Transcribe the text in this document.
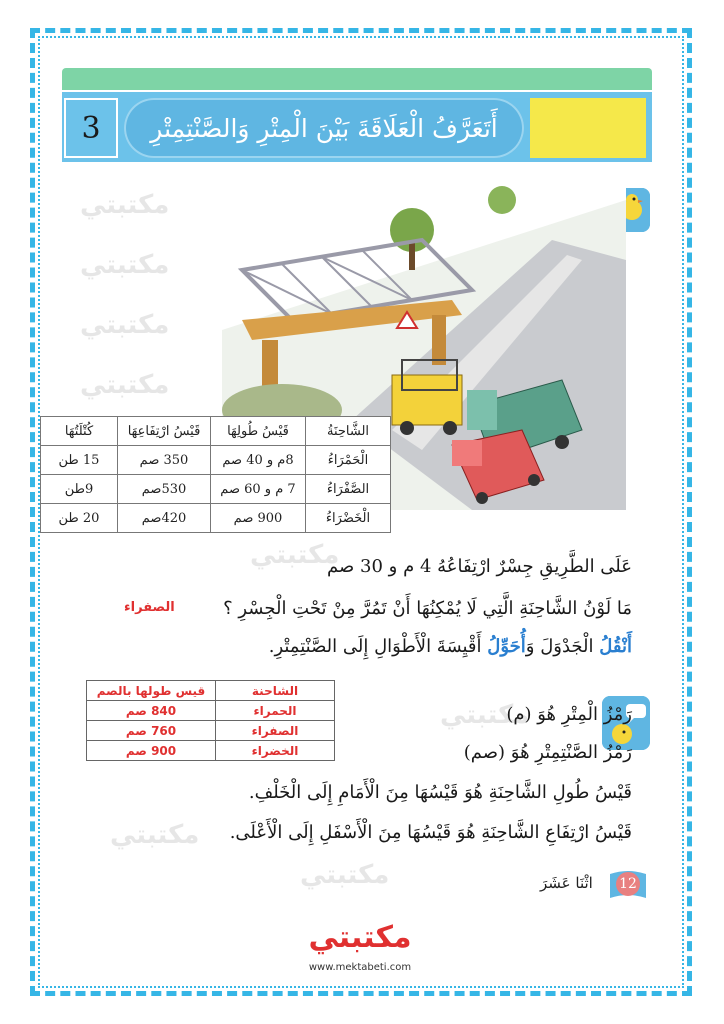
مكتبتي
مكتبتي
مكتبتي
مكتبتي
مكتبتي
مكتبتي
مكتبتي
مكتبتي
3	أَتَعَرَّفُ الْعَلَاقَةَ بَيْنَ الْمِتْرِ وَالصَّنْتِمِتْرِ
الشَّاحِنَةُ	قَيْسُ طُولِهَا	قَيْسُ ارْتِفَاعِهَا	كُتْلَتُهَا
الْحَمْرَاءُ	8م و 40 صم	350 صم	15 طن
الصَّفْرَاءُ	7 م و 60 صم	530صم	9طن
الْخَضْرَاءُ	900 صم	420صم	20 طن
عَلَى الطَّرِيقِ جِسْرٌ ارْتِفَاعُهُ 4 م و 30 صم
مَا لَوْنُ الشَّاحِنَةِ الَّتِي لَا يُمْكِنُهَا أَنْ تَمُرَّ مِنْ تَحْتِ الْجِسْرِ ؟
الصفراء
أَنْقُلُ الْجَدْوَلَ وَأُحَوِّلُ أَقْيِسَةَ الْأَطْوَالِ إِلَى الصَّنْتِمِتْرِ.
الشاحنة	قيس طولها بالصم
الحمراء	840 صم
الصفراء	760 صم
الخضراء	900 صم
رَمْزُ الْمِتْرِ هُوَ (م)
رَمْزُ الصَّنْتِمِتْرِ هُوَ (صم)
قَيْسُ طُولِ الشَّاحِنَةِ هُوَ قَيْسُهَا مِنَ الْأَمَامِ إِلَى الْخَلْفِ.
قَيْسُ ارْتِفَاعِ الشَّاحِنَةِ هُوَ قَيْسُهَا مِنَ الْأَسْفَلِ إِلَى الْأَعْلَى.
12
اثْنَا عَشَرَ
مكتبتي
www.mektabeti.com
